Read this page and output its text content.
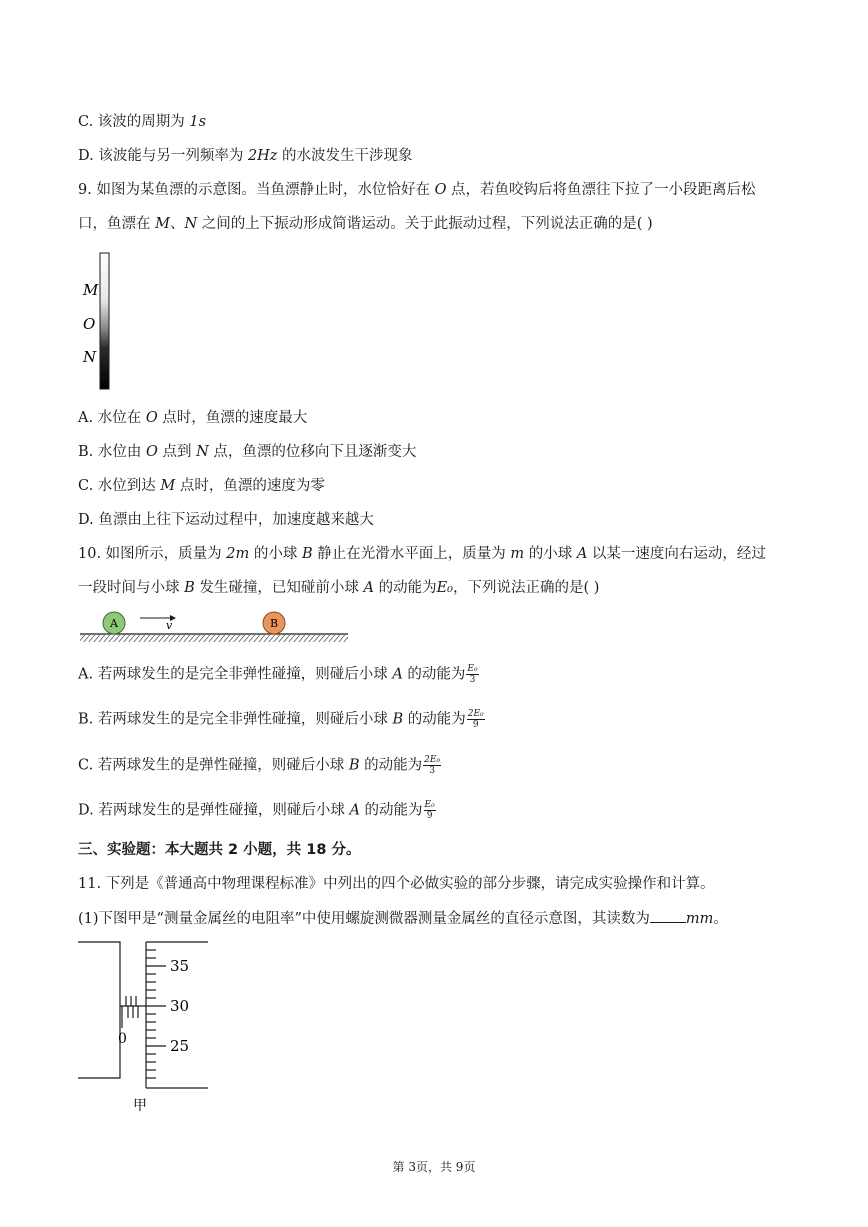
C. 该波的周期为 1s
D. 该波能与另一列频率为 2Hz 的水波发生干涉现象
9. 如图为某鱼漂的示意图。当鱼漂静止时，水位恰好在 O 点，若鱼咬钩后将鱼漂往下拉了一小段距离后松
口，鱼漂在 M、N 之间的上下振动形成简谐运动。关于此振动过程，下列说法正确的是( )
M
O
N
A. 水位在 O 点时，鱼漂的速度最大
B. 水位由 O 点到 N 点，鱼漂的位移向下且逐渐变大
C. 水位到达 M 点时，鱼漂的速度为零
D. 鱼漂由上往下运动过程中，加速度越来越大
10. 如图所示，质量为 2m 的小球 B 静止在光滑水平面上，质量为 m 的小球 A 以某一速度向右运动，经过
一段时间与小球 B 发生碰撞，已知碰前小球 A 的动能为E₀，下列说法正确的是( )
A	v	B
A. 若两球发生的是完全非弹性碰撞，则碰后小球 A 的动能为 $\frac{\text{E₀}}{3}$
B. 若两球发生的是完全非弹性碰撞，则碰后小球 B 的动能为 $\frac{\text{2E₀}}{9}$
C. 若两球发生的是弹性碰撞，则碰后小球 B 的动能为 $\frac{\text{2E₀}}{3}$
D. 若两球发生的是弹性碰撞，则碰后小球 A 的动能为 $\frac{\text{E₀}}{9}$
三、实验题：本大题共 2 小题，共 18 分。
11. 下列是《普通高中物理课程标准》中列出的四个必做实验的部分步骤，请完成实验操作和计算。
(1)下图甲是“测量金属丝的电阻率”中使用螺旋测微器测量金属丝的直径示意图，其读数为 mm。
35
30
25
0
甲
第 3页，共 9页
